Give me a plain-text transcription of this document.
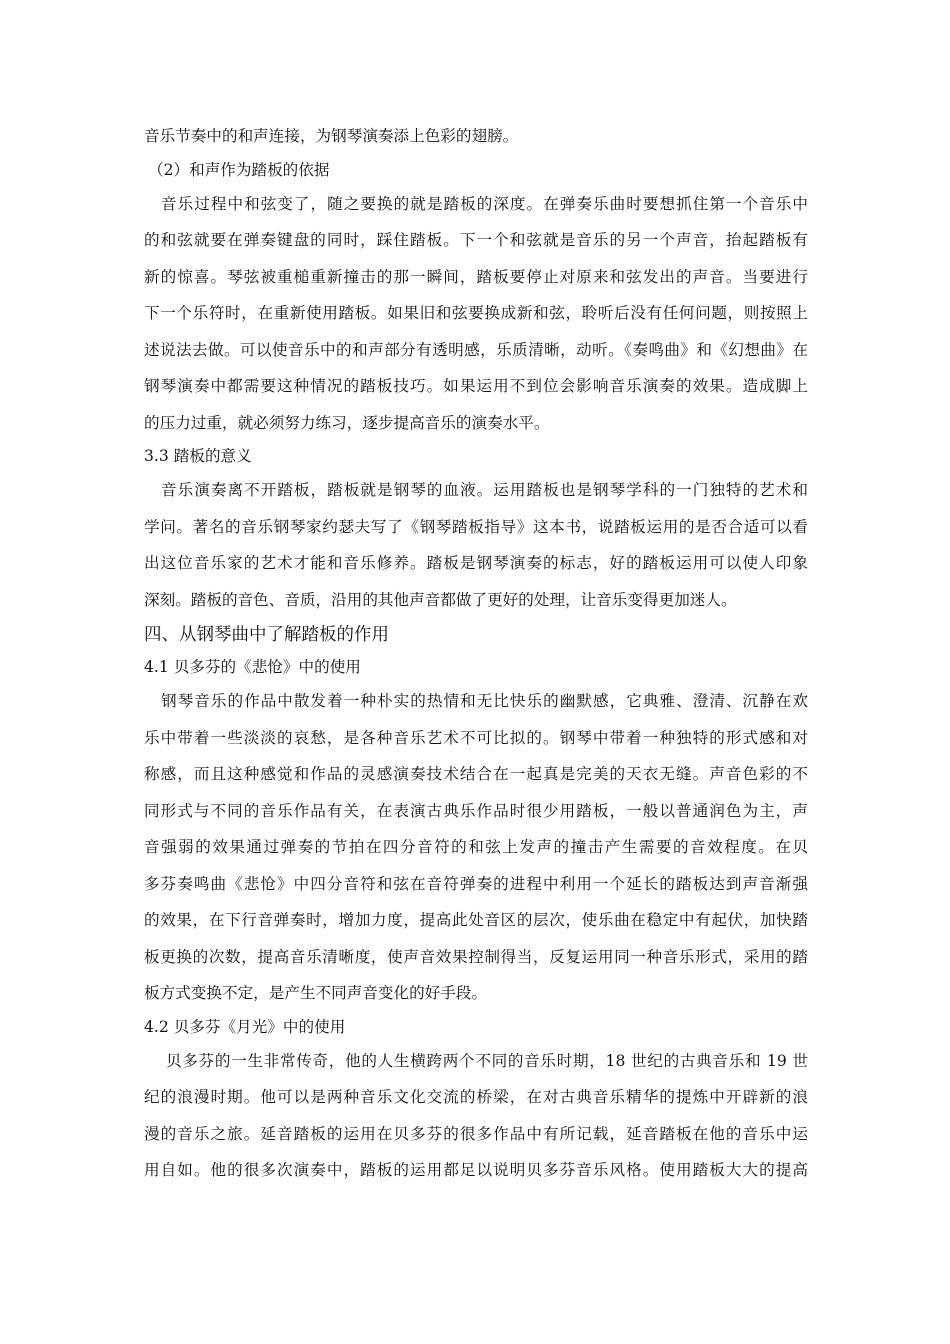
音乐节奏中的和声连接，为钢琴演奏添上色彩的翅膀。
（2）和声作为踏板的依据
音乐过程中和弦变了，随之要换的就是踏板的深度。在弹奏乐曲时要想抓住第一个音乐中
的和弦就要在弹奏键盘的同时，踩住踏板。下一个和弦就是音乐的另一个声音，抬起踏板有
新的惊喜。琴弦被重槌重新撞击的那一瞬间，踏板要停止对原来和弦发出的声音。当要进行
下一个乐符时，在重新使用踏板。如果旧和弦要换成新和弦，聆听后没有任何问题，则按照上
述说法去做。可以使音乐中的和声部分有透明感，乐质清晰，动听。《奏鸣曲》和《幻想曲》在
钢琴演奏中都需要这种情况的踏板技巧。如果运用不到位会影响音乐演奏的效果。造成脚上
的压力过重，就必须努力练习，逐步提高音乐的演奏水平。
3.3 踏板的意义
音乐演奏离不开踏板，踏板就是钢琴的血液。运用踏板也是钢琴学科的一门独特的艺术和
学问。著名的音乐钢琴家约瑟夫写了《钢琴踏板指导》这本书，说踏板运用的是否合适可以看
出这位音乐家的艺术才能和音乐修养。踏板是钢琴演奏的标志，好的踏板运用可以使人印象
深刻。踏板的音色、音质，沿用的其他声音都做了更好的处理，让音乐变得更加迷人。
四、从钢琴曲中了解踏板的作用
4.1 贝多芬的《悲怆》中的使用
钢琴音乐的作品中散发着一种朴实的热情和无比快乐的幽默感，它典雅、澄清、沉静在欢
乐中带着一些淡淡的哀愁，是各种音乐艺术不可比拟的。钢琴中带着一种独特的形式感和对
称感，而且这种感觉和作品的灵感演奏技术结合在一起真是完美的天衣无缝。声音色彩的不
同形式与不同的音乐作品有关，在表演古典乐作品时很少用踏板，一般以普通润色为主，声
音强弱的效果通过弹奏的节拍在四分音符的和弦上发声的撞击产生需要的音效程度。在贝
多芬奏鸣曲《悲怆》中四分音符和弦在音符弹奏的进程中利用一个延长的踏板达到声音渐强
的效果，在下行音弹奏时，增加力度，提高此处音区的层次，使乐曲在稳定中有起伏，加快踏
板更换的次数，提高音乐清晰度，使声音效果控制得当，反复运用同一种音乐形式，采用的踏
板方式变换不定，是产生不同声音变化的好手段。
4.2 贝多芬《月光》中的使用
贝多芬的一生非常传奇，他的人生横跨两个不同的音乐时期，18 世纪的古典音乐和 19 世
纪的浪漫时期。他可以是两种音乐文化交流的桥梁，在对古典音乐精华的提炼中开辟新的浪
漫的音乐之旅。延音踏板的运用在贝多芬的很多作品中有所记载，延音踏板在他的音乐中运
用自如。他的很多次演奏中，踏板的运用都足以说明贝多芬音乐风格。使用踏板大大的提高
